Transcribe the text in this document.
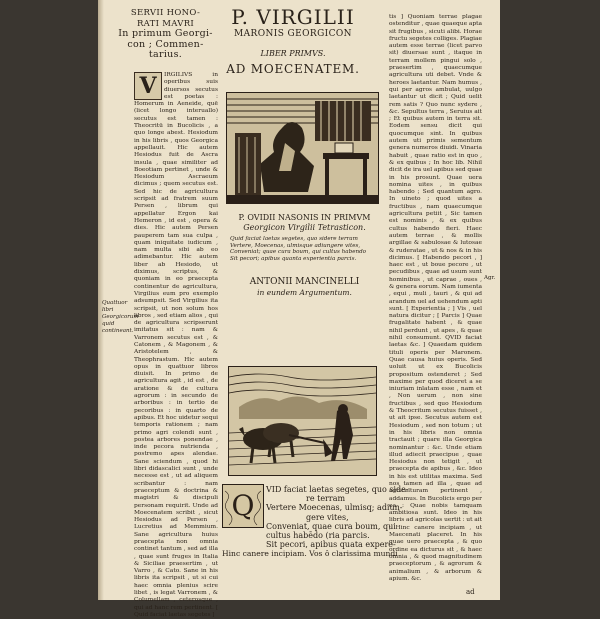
SERVII HONO-
RATI MAVRI
In primum Georgi-
con ; Commen-
tarius.
P. VIRGILII
MARONIS GEORGICON
LIBER PRIMVS.
AD MOECENATEM.
V	IRGILIVS in operibus suis diuersos secutus est poetas : Homerum in Aeneide, quē (licet longo interuallo) secutus est tamen : Theocritū in Bucolicis , a quo longe abest. Hesiodum in his libris , quos Georgica appellauit. Hic autem Hesiodus fuit de Ascra insula , quae similiter ad Boeotiam pertinet , unde & Hesiodum Ascraeum dicimus ; quem secutus est. Sed hic de agricultura scripsit ad fratrem suum Persen , librum qui appellatur Ergon kai Hemeron , id est , opera & dies. Hic autem Persen pauperem tam sua culpa , quam iniquitate iudicum , nam multa sibi ab eo adimebantur. Hic autem liber ab Hesiodo, ut diximus, scriptus, & quoniam in eo praecepta continentur de agricultura, Virgilius eum pro exemplo adsumpsit. Sed Virgilius ita scripsit, ut non solum hos libros , sed etiam alios , qui de agricultura scripserunt imitatus sit : nam & Varronem secutus est , & Catonem , & Magonem , & Aristotelem , & Theophrastum. Hic autem opus in quattuor libros diuisit. In primo de agricultura agit , id est , de aratione & de cultura agrorum : in secundo de arboribus : in tertio de pecoribus : in quarto de apibus. Et hoc uidetur sequi temporis rationem ; nam primo agri colendi sunt , postea arbores ponendae , inde pecora nutrienda , postremo apes alendae. Sane sciendum , quod hi libri didascalici sunt , unde necesse est , ut ad aliquem scribantur : nam praeceptum & doctrina & magistri & discipuli personam requirit. Unde ad Moecenatem scribit , sicut Hesiodus ad Persen , Lucretius ad Memmium. Sane agricultura huius praecepta non omnia continet tantum , sed ad illa , quae sunt fruges in Italia & Siciliae praesertim , ut Varro , & Cato. Sane in his libris ita scripsit , ut si cui haec omnia plenius scire libet , is legat Varronem , & Columellam , ceterosque , qui ad hanc rem pertinent. [ Quid faciat laetas segetes ]
Quattuor libri Georgicorum quid contineant.
P. OVIDII NASONIS IN PRIMVM
Georgicon Virgilii Tetrasticon.
Quid faciat laetas segetes, quo sidere terram
Vertere, Moecenas, ulmisque adiungere vites,
Conveniat; quae cura boum, qui cultus habendo
Sit pecori; apibus quanta experientia parcis.
ANTONII MANCINELLI
in eundem Argumentum.
Q VID faciat laetas segetes, quo side-
re terram
Vertere Moecenas, ulmisq; adiun-
gere vites,
Conveniat, quae cura boum, qui
cultus habēdo (ria parcis.
Sit pecori, apibus quata expere-
Hinc canere incipiam. Vos ô clarissima mundi
tis ] Quoniam terrae plagae ostenditur , quae quaeque apta sit frugibus , sicuti alibi. Horae fructu segetes colliges. Plagiae autem esse terrae (licet parvo sit) diuersae sunt , itaque in terram mollem pingui solo , praesertim , quaecumque agricultura uti debet. Vnde & heroes laetantur. Nam humus , qui per agros ambulat, uulgo laetantur ut dicit ; Quid uelit rem satis ? Quo nunc sydere , &c. Sepultus terra , Seruius ait ; Et quibus autem in terra sit. Eodem sensu dicit qui quocumque sint. In quibus autem uti primis sementum genera numeros diuidi. Vinaria habuit , quae ratio est in quo , & ex quibus ; In hoc lib. Nihil dicit de ira uel apibus sed quae in his prosunt. Quae uera nomina uites , in quibus habendo ; Sed quantum agro. In uineto ; quod uites a fructibus , nam quaecumque agricultura petiit , Sic tamen est nominis , & ex quibus cultus habendo fieri. Haec autem terrae , & mollis argillae & sabulosae & lutosae & ruderatae , ut & nos & in his dicimus. [ Habendo pecori , ] haec est , ut boue pecore , ut pecudibus , quae ad usum sunt hominibus , ut caprae , oues , & genera eorum. Nam iumenta , equi , muli , tauri , & qui ad arandum uel ad uehendum apti sunt. [ Experientia ; ] Vis , uel natura dicitur ; [ Parcis ] Quae frugalitate habent , & quae nihil perdunt , ut apes , & quae nihil consumunt. QVID faciat laetas &c. ] Quaedam quidem tituli operis per Maronem. Quae causa huius operis. Sed uoluit ut ex Bucolicis propositum ostenderet ; Sed maxime per quod diceret a se iniuriam inlatam esse , nam et , Non uerum , non sine fructibus , sed quo Hesiodum & Theocritum secutus fuisset , ut ait ipse. Secutus autem est Hesiodum , sed non totum ; ut in his libris non omnia tractauit ; quare illa Georgica nominantur : &c. Unde etiam illud adiecit praecipue , quae Hesiodus non tetigit , ut praecepta de apibus , &c. Ideo in his est utilitas maxima. Sed nos tamen ad illa , quae ad agriculturam pertinent , addamus. In Bucolicis ergo per ea : Quae nobis tamquam ambitiosa sunt. Ideo in his libris ad agricolas uertit : ut ait ; Hinc canere incipiam , ut Maecenati placeret. In his quae uero praecepta , & quo ordine ea dicturus sit , & haec omnia , & quod magnitudinem praeceptorum , & agrorum & animalium , & arborum & apium. &c.
Agr.
ad
